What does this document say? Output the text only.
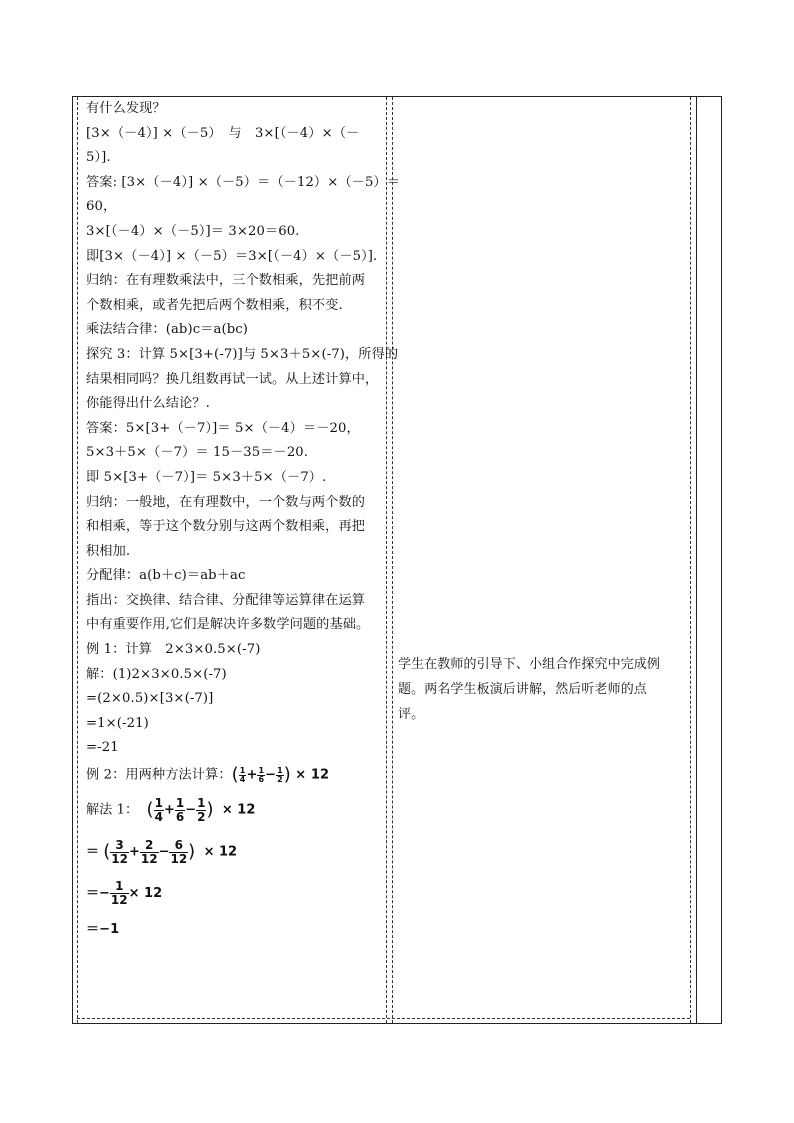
有什么发现？
[3×（－4）] ×（－5）　与　3×[（－4）×（－
5）].
答案: [3×（－4）] ×（－5）＝（－12）×（－5）＝
60，
3×[（－4）×（－5）]＝ 3×20＝60.
即[3×（－4）] ×（－5）＝3×[（－4）×（－5）].
归纳：在有理数乘法中，三个数相乘，先把前两
个数相乘，或者先把后两个数相乘，积不变.
乘法结合律：(ab)c＝a(bc)
探究 3：计算 5×[3+(-7)]与 5×3＋5×(-7)，所得的
结果相同吗？换几组数再试一试。从上述计算中，
你能得出什么结论？.
答案：5×[3+（－7）]＝ 5×（－4）＝－20，
5×3＋5×（－7）＝ 15－35＝－20.
即 5×[3+（－7）]＝ 5×3＋5×（－7）.
归纳：一般地，在有理数中，一个数与两个数的
和相乘，等于这个数分别与这两个数相乘，再把
积相加.
分配律：a(b＋c)＝ab＋ac
指出：交换律、结合律、分配律等运算律在运算
中有重要作用,它们是解决许多数学问题的基础。
例 1：计算　2×3×0.5×(-7)
解：(1)2×3×0.5×(-7)
=(2×0.5)×[3×(-7)]
=1×(-21)
=-21
例 2：用两种方法计算：( $\frac{1}{4} + \frac{1}{6} - \frac{1}{2}$ ) × 12
解法 1： ( $\frac{1}{4} + \frac{1}{6} - \frac{1}{2}$ ) × 12
＝ ( $\frac{3}{12} + \frac{2}{12} - \frac{6}{12}$ ) × 12
＝− $\frac{1}{12} \times 12$
＝−1
学生在教师的引导下、小组合作探究中完成例
题。两名学生板演后讲解，然后听老师的点
评。
